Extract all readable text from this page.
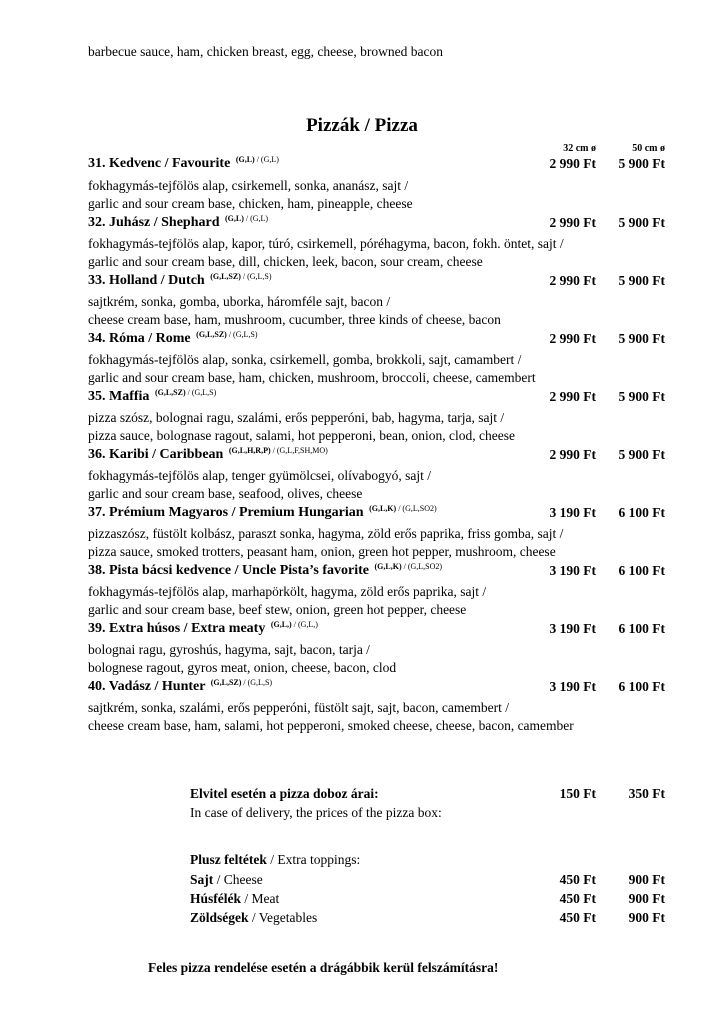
barbecue sauce, ham, chicken breast, egg, cheese, browned bacon
Pizzák / Pizza
32 cm ø	50 cm ø
31. Kedvenc / Favourite $^{(G,L)}$ $^{/ (G,L)}$	2 990 Ft	5 900 Ft
fokhagymás-tejfölös alap, csirkemell, sonka, ananász, sajt /
garlic and sour cream base, chicken, ham, pineapple, cheese
32. Juhász / Shephard $^{(G,L)}$ $^{/ (G,L)}$	2 990 Ft	5 900 Ft
fokhagymás-tejfölös alap, kapor, túró, csirkemell, póréhagyma, bacon, fokh. öntet, sajt /
garlic and sour cream base, dill, chicken, leek, bacon, sour cream, cheese
33. Holland / Dutch $^{(G,L,SZ)}$ $^{/ (G,L,S)}$	2 990 Ft	5 900 Ft
sajtkrém, sonka, gomba, uborka, háromféle sajt, bacon /
cheese cream base, ham, mushroom, cucumber, three kinds of cheese, bacon
34. Róma / Rome $^{(G,L,SZ)}$ $^{/ (G,L,S)}$	2 990 Ft	5 900 Ft
fokhagymás-tejfölös alap, sonka, csirkemell, gomba, brokkoli, sajt, camambert /
garlic and sour cream base, ham, chicken, mushroom, broccoli, cheese, camembert
35. Maffia $^{(G,L,SZ)}$ $^{/ (G,L,S)}$	2 990 Ft	5 900 Ft
pizza szósz, bolognai ragu, szalámi, erős pepperóni, bab, hagyma, tarja, sajt /
pizza sauce, bolognase ragout, salami, hot pepperoni, bean, onion, clod, cheese
36. Karibi / Caribbean $^{(G,L,H,R,P)}$ $^{/ (G,L,F,SH,MO)}$	2 990 Ft	5 900 Ft
fokhagymás-tejfölös alap, tenger gyümölcsei, olívabogyó, sajt /
garlic and sour cream base, seafood, olives, cheese
37. Prémium Magyaros / Premium Hungarian $^{(G,L,K)}$ $^{/ (G,L,SO2)}$	3 190 Ft	6 100 Ft
pizzaszósz, füstölt kolbász, paraszt sonka, hagyma, zöld erős paprika, friss gomba, sajt /
pizza sauce, smoked trotters, peasant ham, onion, green hot pepper, mushroom, cheese
38. Pista bácsi kedvence / Uncle Pista’s favorite $^{(G,L,K)}$ $^{/ (G,L,SO2)}$	3 190 Ft	6 100 Ft
fokhagymás-tejfölös alap, marhapörkölt, hagyma, zöld erős paprika, sajt /
garlic and sour cream base, beef stew, onion, green hot pepper, cheese
39. Extra húsos / Extra meaty $^{(G,L,)}$ $^{/ (G,L,)}$	3 190 Ft	6 100 Ft
bolognai ragu, gyroshús, hagyma, sajt, bacon, tarja /
bolognese ragout, gyros meat, onion, cheese, bacon, clod
40. Vadász / Hunter $^{(G,L,SZ)}$ $^{/ (G,L,S)}$	3 190 Ft	6 100 Ft
sajtkrém, sonka, szalámi, erős pepperóni, füstölt sajt, sajt, bacon, camembert /
cheese cream base, ham, salami, hot pepperoni, smoked cheese, cheese, bacon, camember
Elvitel esetén a pizza doboz árai:	150 Ft	350 Ft
In case of delivery, the prices of the pizza box:
Plusz feltétek / Extra toppings:
Sajt / Cheese	450 Ft	900 Ft
Húsfélék / Meat	450 Ft	900 Ft
Zöldségek / Vegetables	450 Ft	900 Ft
Feles pizza rendelése esetén a drágábbik kerül felszámításra!
